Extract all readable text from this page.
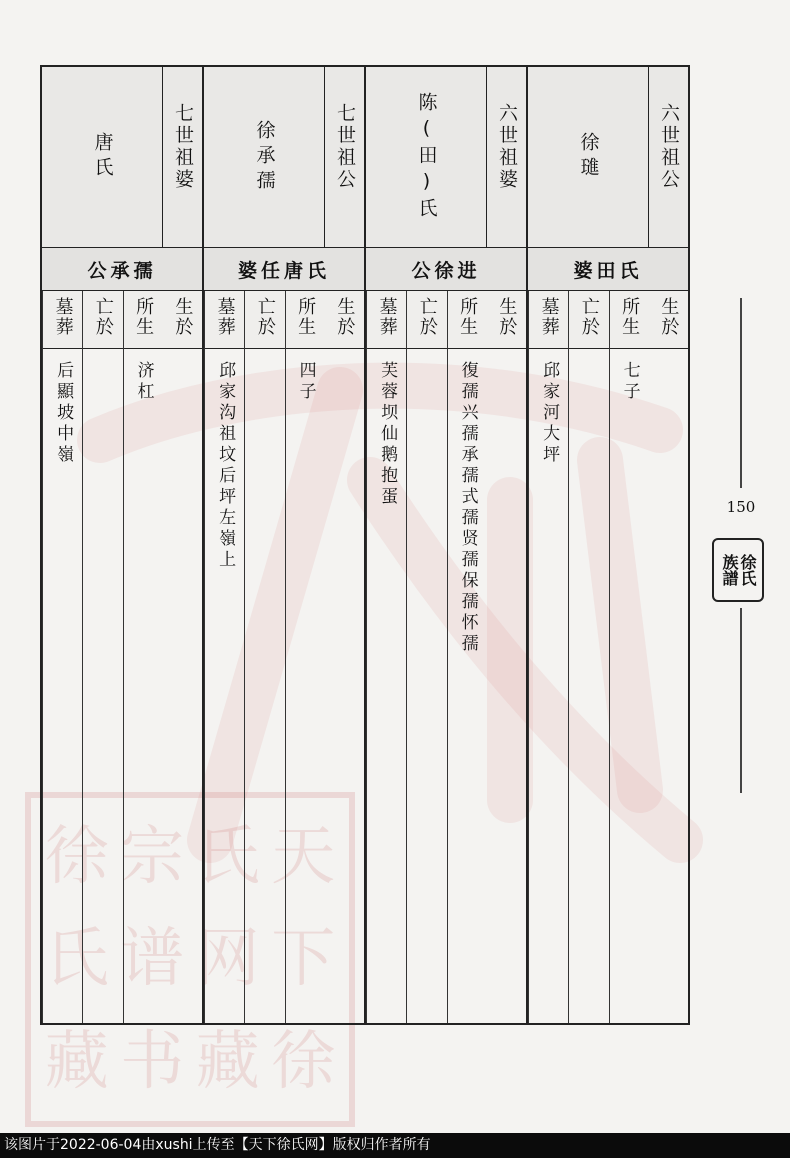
天
下
徐
氏
网
藏
宗
谱
书
徐
氏
藏
六世祖公
徐璡
婆田氏
生於
所生
七子
亡於
墓葬
邱家河大坪
六世祖婆
陈(田)氏
公徐进
生於
所生
復孺兴孺承孺式孺贤孺保孺怀孺
亡於
墓葬
芙蓉坝仙鹅抱蛋
七世祖公
徐承孺
婆任唐氏
生於
所生
四子
亡於
墓葬
邱家沟祖坟后坪左嶺上
七世祖婆
唐氏
公承孺
生於
所生
济杠
亡於
墓葬
后顯坡中嶺
150
徐氏
族譜
该图片于2022-06-04由xushi上传至【天下徐氏网】版权归作者所有
